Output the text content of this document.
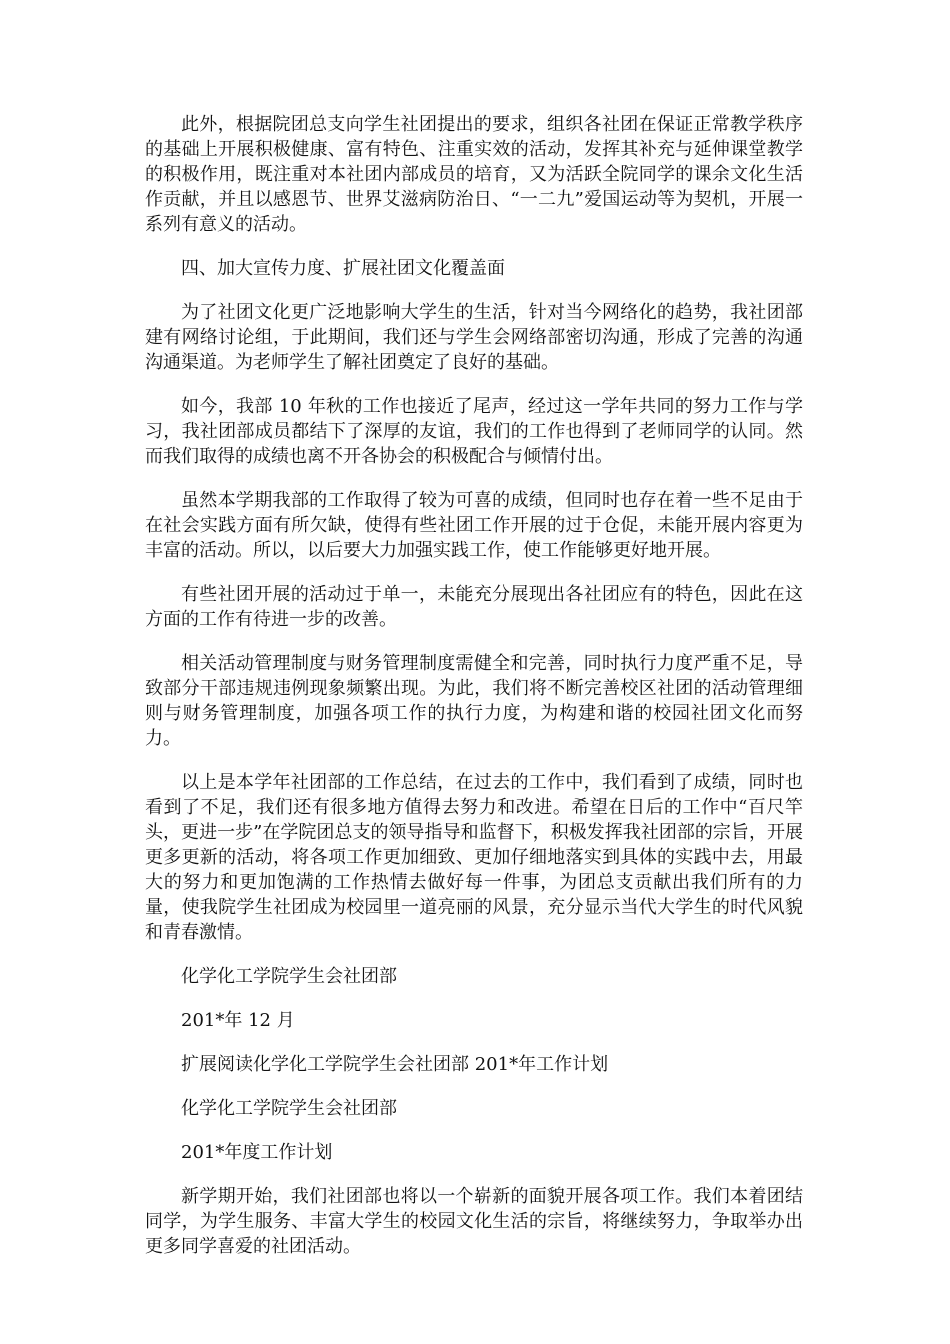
此外，根据院团总支向学生社团提出的要求，组织各社团在保证正常教学秩序的基础上开展积极健康、富有特色、注重实效的活动，发挥其补充与延伸课堂教学的积极作用，既注重对本社团内部成员的培育，又为活跃全院同学的课余文化生活作贡献，并且以感恩节、世界艾滋病防治日、“一二九”爱国运动等为契机，开展一系列有意义的活动。

四、加大宣传力度、扩展社团文化覆盖面

为了社团文化更广泛地影响大学生的生活，针对当今网络化的趋势，我社团部建有网络讨论组，于此期间，我们还与学生会网络部密切沟通，形成了完善的沟通沟通渠道。为老师学生了解社团奠定了良好的基础。

如今，我部 10 年秋的工作也接近了尾声，经过这一学年共同的努力工作与学习，我社团部成员都结下了深厚的友谊，我们的工作也得到了老师同学的认同。然而我们取得的成绩也离不开各协会的积极配合与倾情付出。

虽然本学期我部的工作取得了较为可喜的成绩，但同时也存在着一些不足由于在社会实践方面有所欠缺，使得有些社团工作开展的过于仓促，未能开展内容更为丰富的活动。所以，以后要大力加强实践工作，使工作能够更好地开展。

有些社团开展的活动过于单一，未能充分展现出各社团应有的特色，因此在这方面的工作有待进一步的改善。

相关活动管理制度与财务管理制度需健全和完善，同时执行力度严重不足，导致部分干部违规违例现象频繁出现。为此，我们将不断完善校区社团的活动管理细则与财务管理制度，加强各项工作的执行力度，为构建和谐的校园社团文化而努力。

以上是本学年社团部的工作总结，在过去的工作中，我们看到了成绩，同时也看到了不足，我们还有很多地方值得去努力和改进。希望在日后的工作中“百尺竿头，更进一步”在学院团总支的领导指导和监督下，积极发挥我社团部的宗旨，开展更多更新的活动，将各项工作更加细致、更加仔细地落实到具体的实践中去，用最大的努力和更加饱满的工作热情去做好每一件事，为团总支贡献出我们所有的力量，使我院学生社团成为校园里一道亮丽的风景，充分显示当代大学生的时代风貌和青春激情。

化学化工学院学生会社团部

201*年 12 月

扩展阅读化学化工学院学生会社团部 201*年工作计划

化学化工学院学生会社团部

201*年度工作计划

新学期开始，我们社团部也将以一个崭新的面貌开展各项工作。我们本着团结同学，为学生服务、丰富大学生的校园文化生活的宗旨，将继续努力，争取举办出更多同学喜爱的社团活动。
